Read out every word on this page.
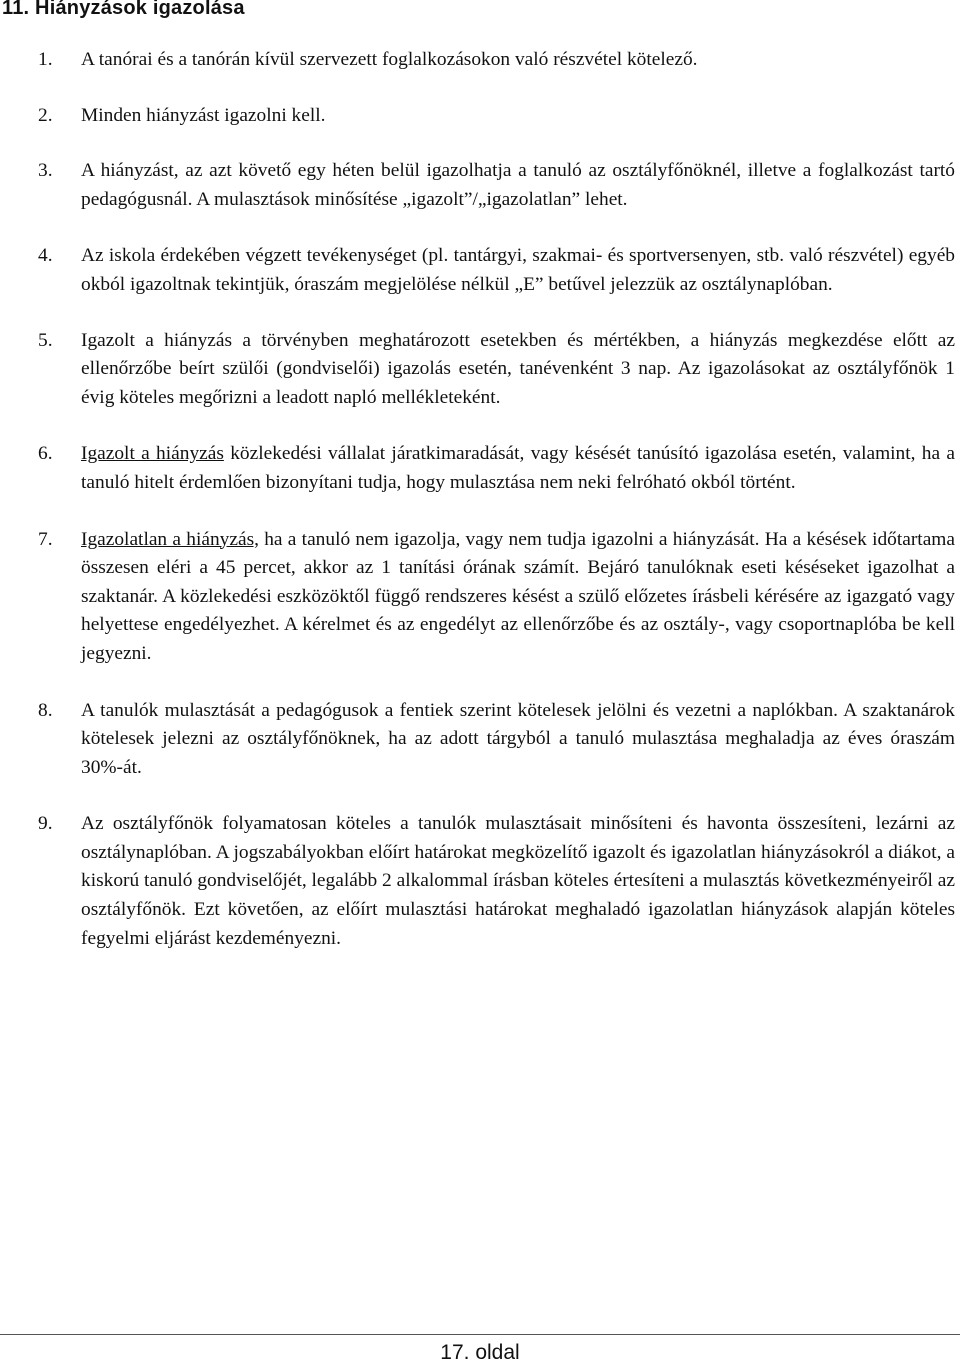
11. Hiányzások igazolása
1.	A tanórai és a tanórán kívül szervezett foglalkozásokon való részvétel kötelező.
2.	Minden hiányzást igazolni kell.
3.	A hiányzást, az azt követő egy héten belül igazolhatja a tanuló az osztályfőnöknél, illetve a foglalkozást tartó pedagógusnál. A mulasztások minősítése „igazolt”/„igazolatlan” lehet.
4.	Az iskola érdekében végzett tevékenységet (pl. tantárgyi, szakmai- és sportversenyen, stb. való részvétel) egyéb okból igazoltnak tekintjük, óraszám megjelölése nélkül „E” betűvel jelezzük az osztálynaplóban.
5.	Igazolt a hiányzás a törvényben meghatározott esetekben és mértékben, a hiányzás megkezdése előtt az ellenőrzőbe beírt szülői (gondviselői) igazolás esetén, tanévenként 3 nap. Az igazolásokat az osztályfőnök 1 évig köteles megőrizni a leadott napló mellékleteként.
6.	Igazolt a hiányzás közlekedési vállalat járatkimaradását, vagy késését tanúsító igazolása esetén, valamint, ha a tanuló hitelt érdemlően bizonyítani tudja, hogy mulasztása nem neki felróható okból történt.
7.	Igazolatlan a hiányzás, ha a tanuló nem igazolja, vagy nem tudja igazolni a hiányzását. Ha a késések időtartama összesen eléri a 45 percet, akkor az 1 tanítási órának számít. Bejáró tanulóknak eseti késéseket igazolhat a szaktanár. A közlekedési eszközöktől függő rendszeres késést a szülő előzetes írásbeli kérésére az igazgató vagy helyettese engedélyezhet. A kérelmet és az engedélyt az ellenőrzőbe és az osztály-, vagy csoportnaplóba be kell jegyezni.
8.	A tanulók mulasztását a pedagógusok a fentiek szerint kötelesek jelölni és vezetni a naplókban. A szaktanárok kötelesek jelezni az osztályfőnöknek, ha az adott tárgyból a tanuló mulasztása meghaladja az éves óraszám 30%-át.
9.	Az osztályfőnök folyamatosan köteles a tanulók mulasztásait minősíteni és havonta összesíteni, lezárni az osztálynaplóban. A jogszabályokban előírt határokat megközelítő igazolt és igazolatlan hiányzásokról a diákot, a kiskorú tanuló gondviselőjét, legalább 2 alkalommal írásban köteles értesíteni a mulasztás következményeiről az osztályfőnök. Ezt követően, az előírt mulasztási határokat meghaladó igazolatlan hiányzások alapján köteles fegyelmi eljárást kezdeményezni.
17. oldal
